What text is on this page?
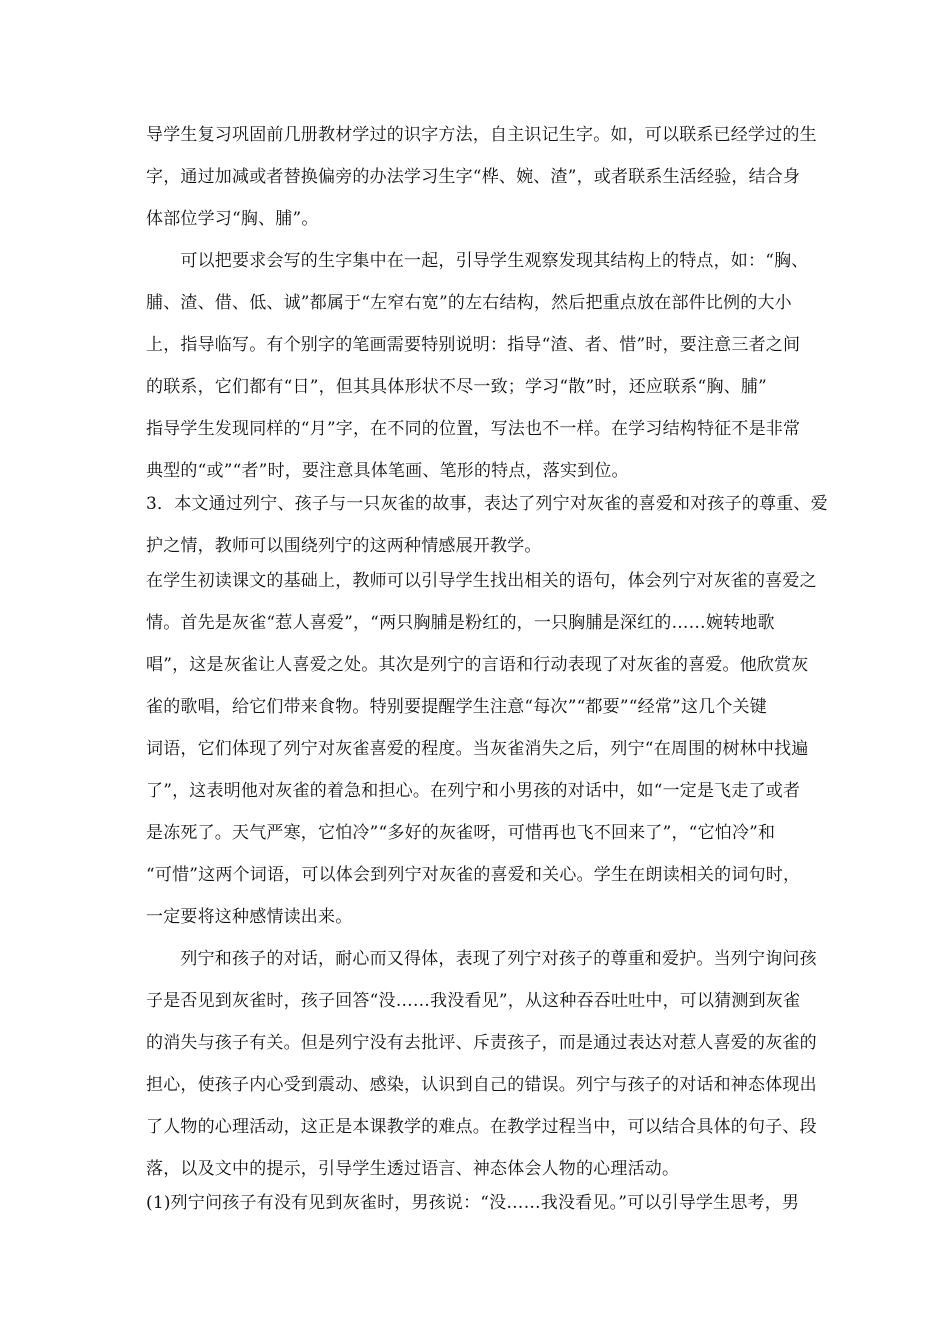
导学生复习巩固前几册教材学过的识字方法，自主识记生字。如，可以联系已经学过的生
字，通过加减或者替换偏旁的办法学习生字“桦、婉、渣”，或者联系生活经验，结合身
体部位学习“胸、脯”。
　　可以把要求会写的生字集中在一起，引导学生观察发现其结构上的特点，如：“胸、
脯、渣、借、低、诚”都属于“左窄右宽”的左右结构，然后把重点放在部件比例的大小
上，指导临写。有个别字的笔画需要特别说明：指导“渣、者、惜”时，要注意三者之间
的联系，它们都有“日”，但其具体形状不尽一致；学习“散”时，还应联系“胸、脯”
指导学生发现同样的“月”字，在不同的位置，写法也不一样。在学习结构特征不是非常
典型的“或”“者”时，要注意具体笔画、笔形的特点，落实到位。
3．本文通过列宁、孩子与一只灰雀的故事，表达了列宁对灰雀的喜爱和对孩子的尊重、爱
护之情，教师可以围绕列宁的这两种情感展开教学。
在学生初读课文的基础上，教师可以引导学生找出相关的语句，体会列宁对灰雀的喜爱之
情。首先是灰雀“惹人喜爱”，“两只胸脯是粉红的，一只胸脯是深红的……婉转地歌
唱”，这是灰雀让人喜爱之处。其次是列宁的言语和行动表现了对灰雀的喜爱。他欣赏灰
雀的歌唱，给它们带来食物。特别要提醒学生注意“每次”“都要”“经常”这几个关键
词语，它们体现了列宁对灰雀喜爱的程度。当灰雀消失之后，列宁“在周围的树林中找遍
了”，这表明他对灰雀的着急和担心。在列宁和小男孩的对话中，如“一定是飞走了或者
是冻死了。天气严寒，它怕冷”“多好的灰雀呀，可惜再也飞不回来了”，“它怕冷”和
“可惜”这两个词语，可以体会到列宁对灰雀的喜爱和关心。学生在朗读相关的词句时，
一定要将这种感情读出来。
　　列宁和孩子的对话，耐心而又得体，表现了列宁对孩子的尊重和爱护。当列宁询问孩
子是否见到灰雀时，孩子回答“没……我没看见”，从这种吞吞吐吐中，可以猜测到灰雀
的消失与孩子有关。但是列宁没有去批评、斥责孩子，而是通过表达对惹人喜爱的灰雀的
担心，使孩子内心受到震动、感染，认识到自己的错误。列宁与孩子的对话和神态体现出
了人物的心理活动，这正是本课教学的难点。在教学过程当中，可以结合具体的句子、段
落，以及文中的提示，引导学生透过语言、神态体会人物的心理活动。
(1)列宁问孩子有没有见到灰雀时，男孩说：“没……我没看见。”可以引导学生思考，男
